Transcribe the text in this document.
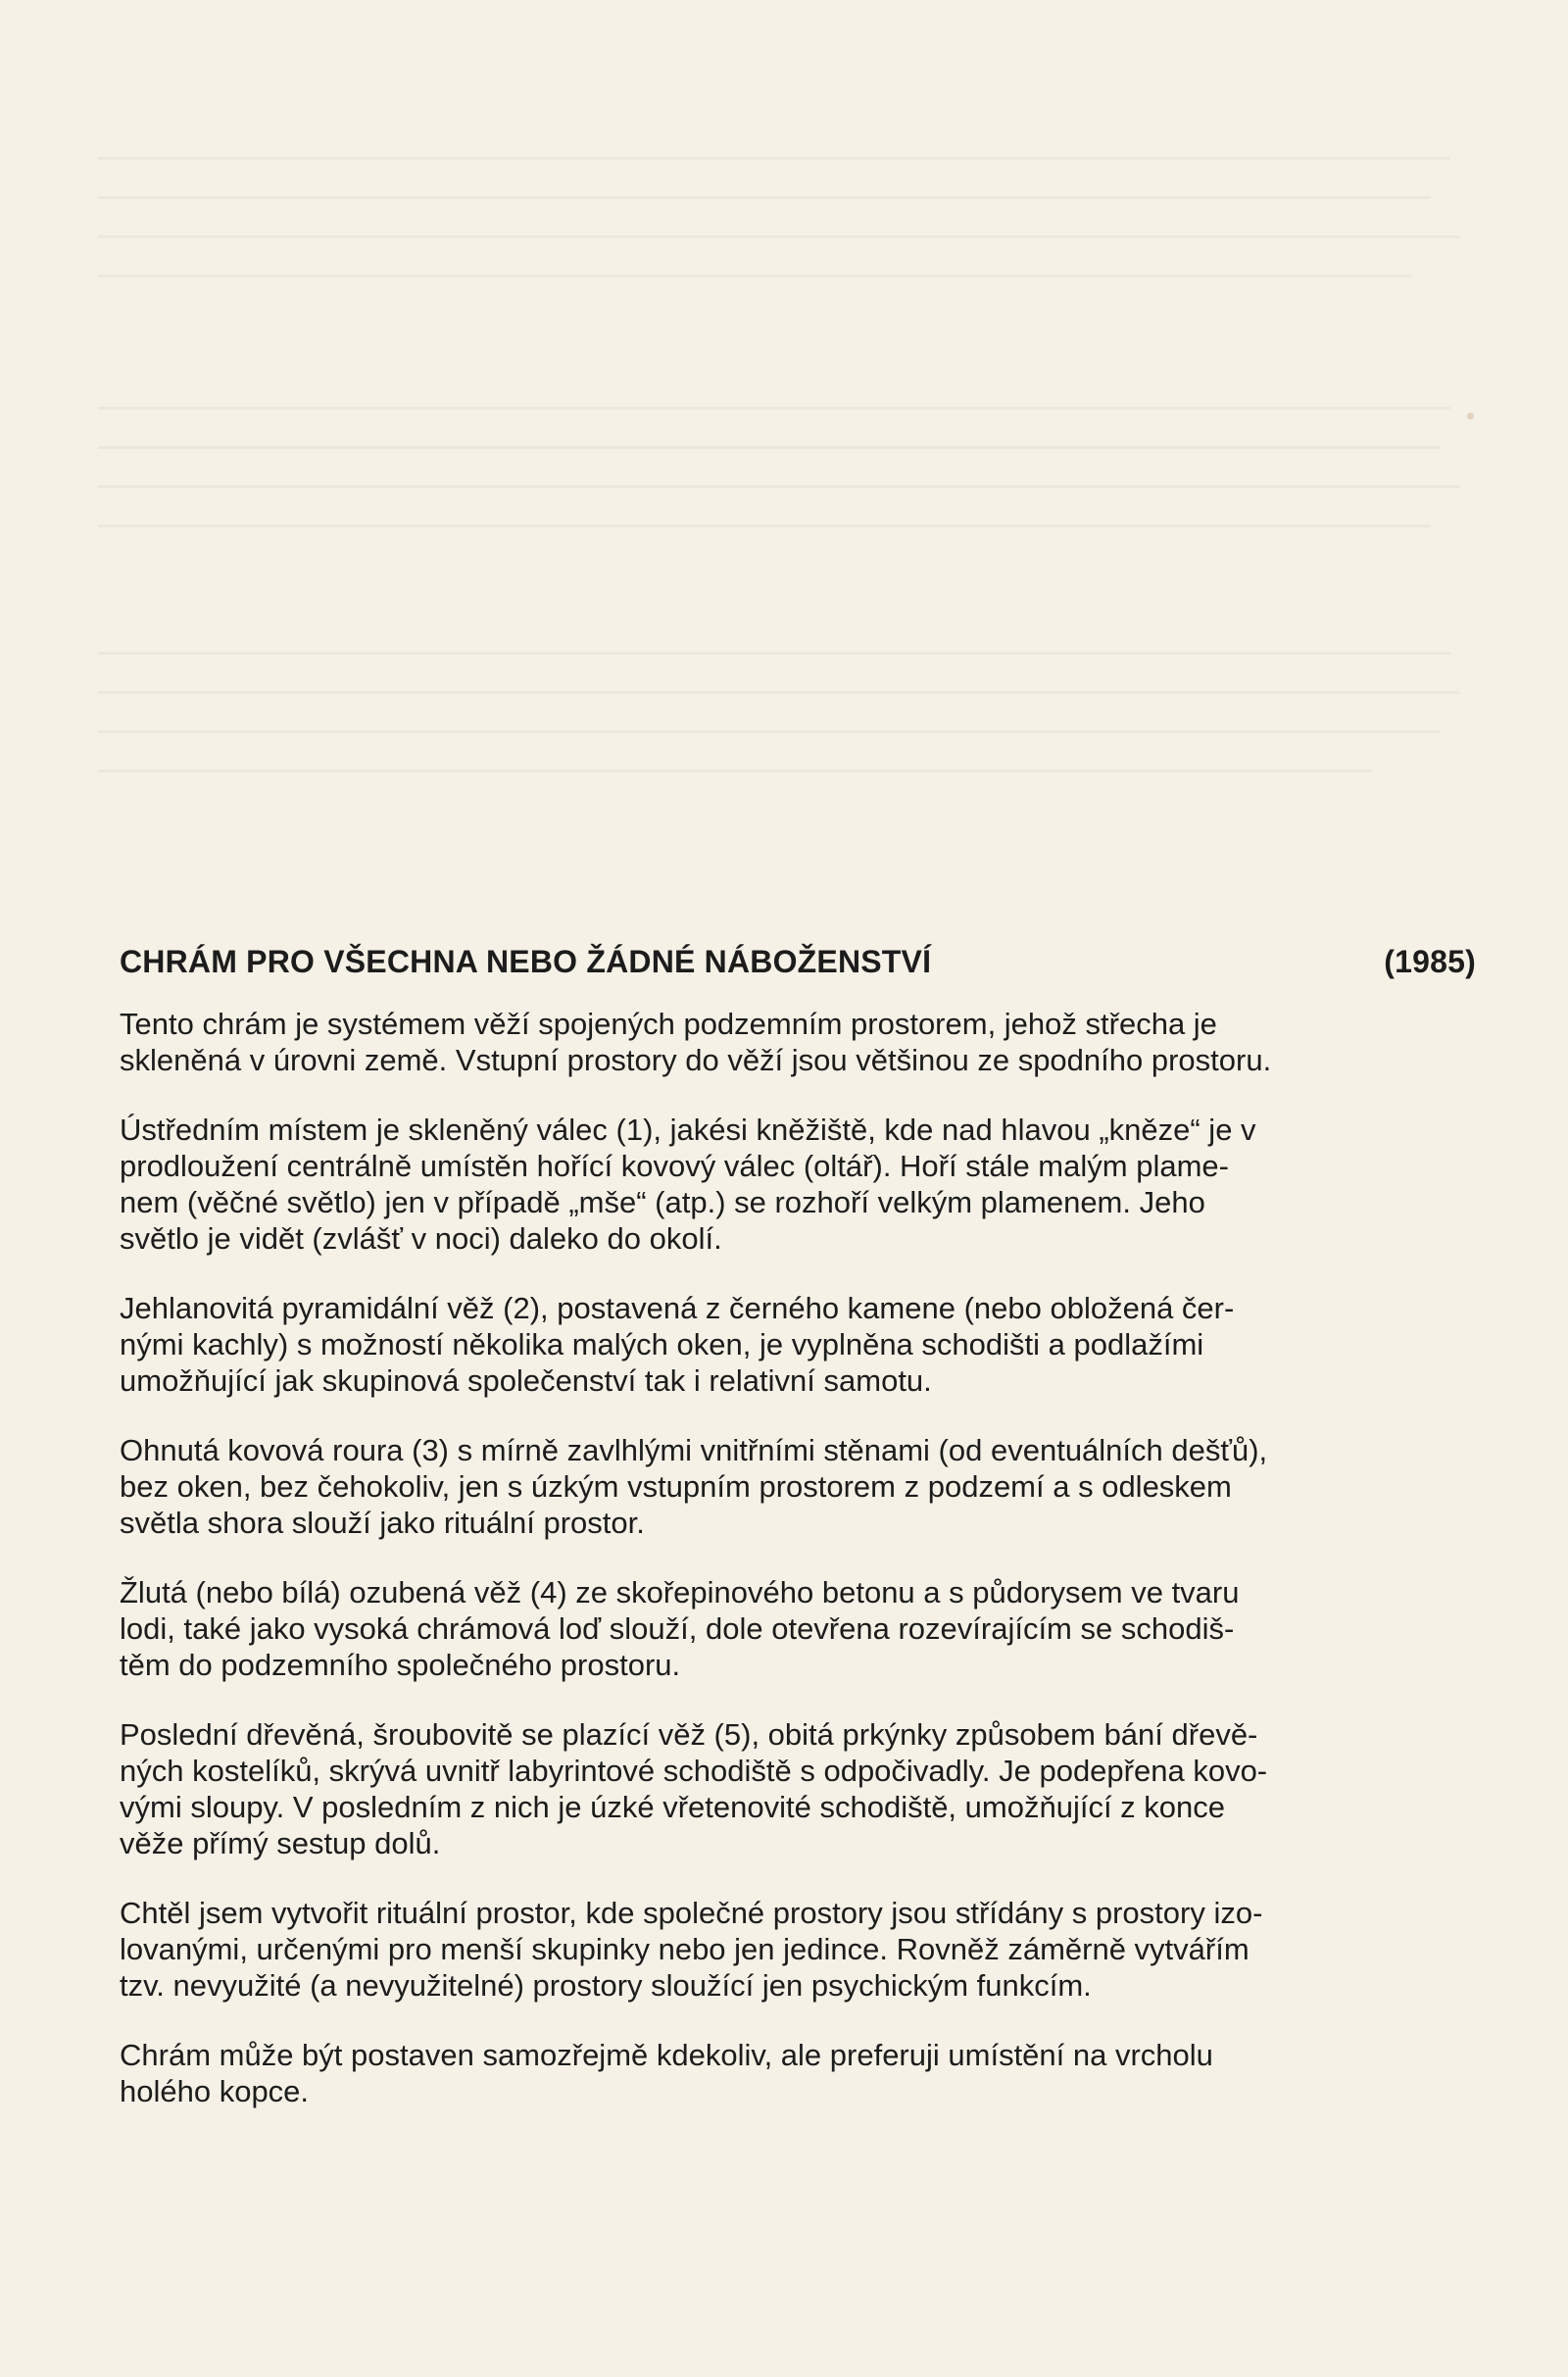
CHRÁM PRO VŠECHNA NEBO ŽÁDNÉ NÁBOŽENSTVÍ	(1985)

Tento chrám je systémem věží spojených podzemním prostorem, jehož střecha je
skleněná v úrovni země. Vstupní prostory do věží jsou většinou ze spodního prostoru.

Ústředním místem je skleněný válec (1), jakési kněžiště, kde nad hlavou „kněze“ je v
prodloužení centrálně umístěn hořící kovový válec (oltář). Hoří stále malým plame-
nem (věčné světlo) jen v případě „mše“ (atp.) se rozhoří velkým plamenem. Jeho
světlo je vidět (zvlášť v noci) daleko do okolí.

Jehlanovitá pyramidální věž (2), postavená z černého kamene (nebo obložená čer-
nými kachly) s možností několika malých oken, je vyplněna schodišti a podlažími
umožňující jak skupinová společenství tak i relativní samotu.

Ohnutá kovová roura (3) s mírně zavlhlými vnitřními stěnami (od eventuálních dešťů),
bez oken, bez čehokoliv, jen s úzkým vstupním prostorem z podzemí a s odleskem
světla shora slouží jako rituální prostor.

Žlutá (nebo bílá) ozubená věž (4) ze skořepinového betonu a s půdorysem ve tvaru
lodi, také jako vysoká chrámová loď slouží, dole otevřena rozevírajícím se schodiš-
těm do podzemního společného prostoru.

Poslední dřevěná, šroubovitě se plazící věž (5), obitá prkýnky způsobem bání dřevě-
ných kostelíků, skrývá uvnitř labyrintové schodiště s odpočivadly. Je podepřena kovo-
vými sloupy. V posledním z nich je úzké vřetenovité schodiště, umožňující z konce
věže přímý sestup dolů.

Chtěl jsem vytvořit rituální prostor, kde společné prostory jsou střídány s prostory izo-
lovanými, určenými pro menší skupinky nebo jen jedince. Rovněž záměrně vytvářím
tzv. nevyužité (a nevyužitelné) prostory sloužící jen psychickým funkcím.

Chrám může být postaven samozřejmě kdekoliv, ale preferuji umístění na vrcholu
holého kopce.
